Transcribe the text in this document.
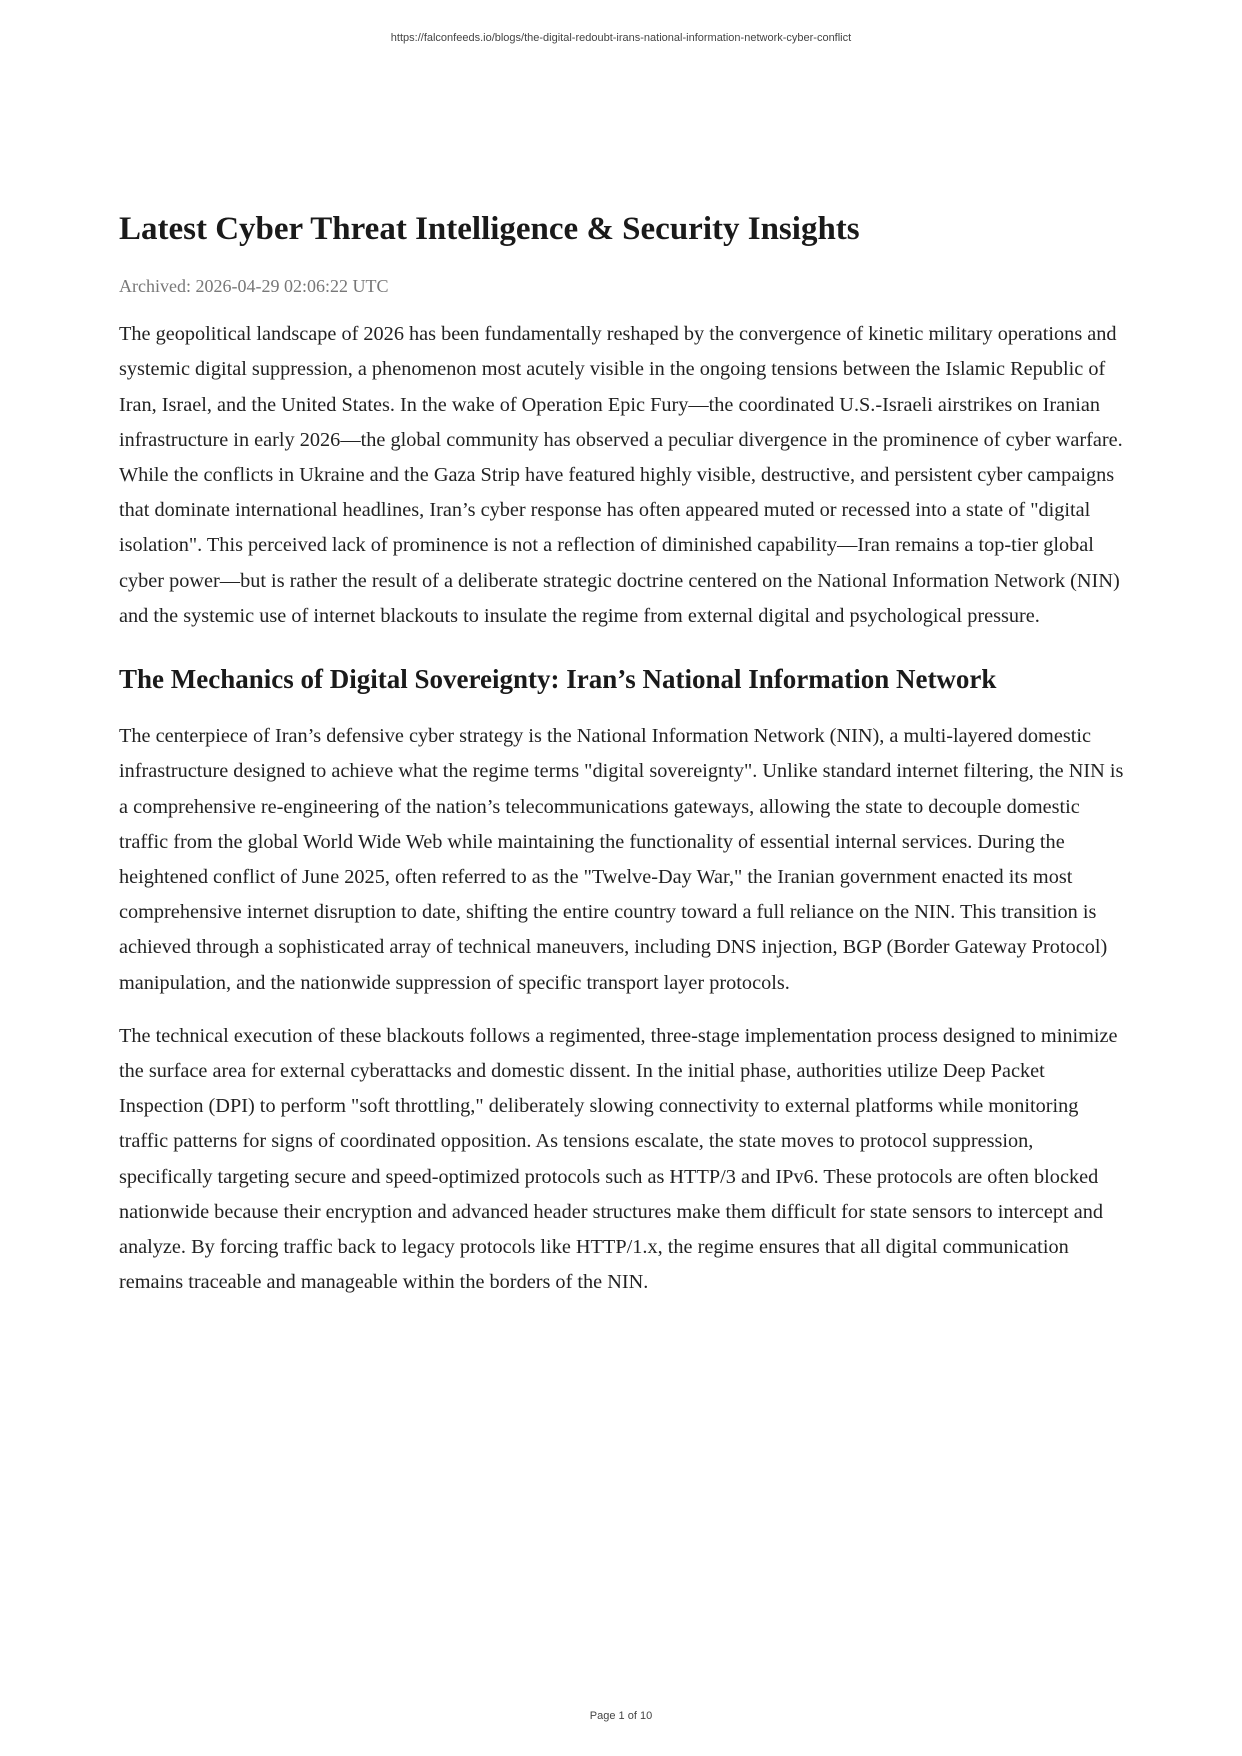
https://falconfeeds.io/blogs/the-digital-redoubt-irans-national-information-network-cyber-conflict
Latest Cyber Threat Intelligence & Security Insights
Archived: 2026-04-29 02:06:22 UTC

The geopolitical landscape of 2026 has been fundamentally reshaped by the convergence of kinetic military operations and systemic digital suppression, a phenomenon most acutely visible in the ongoing tensions between the Islamic Republic of Iran, Israel, and the United States. In the wake of Operation Epic Fury—the coordinated U.S.-Israeli airstrikes on Iranian infrastructure in early 2026—the global community has observed a peculiar divergence in the prominence of cyber warfare. While the conflicts in Ukraine and the Gaza Strip have featured highly visible, destructive, and persistent cyber campaigns that dominate international headlines, Iran’s cyber response has often appeared muted or recessed into a state of "digital isolation". This perceived lack of prominence is not a reflection of diminished capability—Iran remains a top-tier global cyber power—but is rather the result of a deliberate strategic doctrine centered on the National Information Network (NIN) and the systemic use of internet blackouts to insulate the regime from external digital and psychological pressure.

The Mechanics of Digital Sovereignty: Iran’s National Information Network

The centerpiece of Iran’s defensive cyber strategy is the National Information Network (NIN), a multi-layered domestic infrastructure designed to achieve what the regime terms "digital sovereignty". Unlike standard internet filtering, the NIN is a comprehensive re-engineering of the nation’s telecommunications gateways, allowing the state to decouple domestic traffic from the global World Wide Web while maintaining the functionality of essential internal services. During the heightened conflict of June 2025, often referred to as the "Twelve-Day War," the Iranian government enacted its most comprehensive internet disruption to date, shifting the entire country toward a full reliance on the NIN. This transition is achieved through a sophisticated array of technical maneuvers, including DNS injection, BGP (Border Gateway Protocol) manipulation, and the nationwide suppression of specific transport layer protocols.

The technical execution of these blackouts follows a regimented, three-stage implementation process designed to minimize the surface area for external cyberattacks and domestic dissent. In the initial phase, authorities utilize Deep Packet Inspection (DPI) to perform "soft throttling," deliberately slowing connectivity to external platforms while monitoring traffic patterns for signs of coordinated opposition. As tensions escalate, the state moves to protocol suppression, specifically targeting secure and speed-optimized protocols such as HTTP/3 and IPv6. These protocols are often blocked nationwide because their encryption and advanced header structures make them difficult for state sensors to intercept and analyze. By forcing traffic back to legacy protocols like HTTP/1.x, the regime ensures that all digital communication remains traceable and manageable within the borders of the NIN.

Page 1 of 10
